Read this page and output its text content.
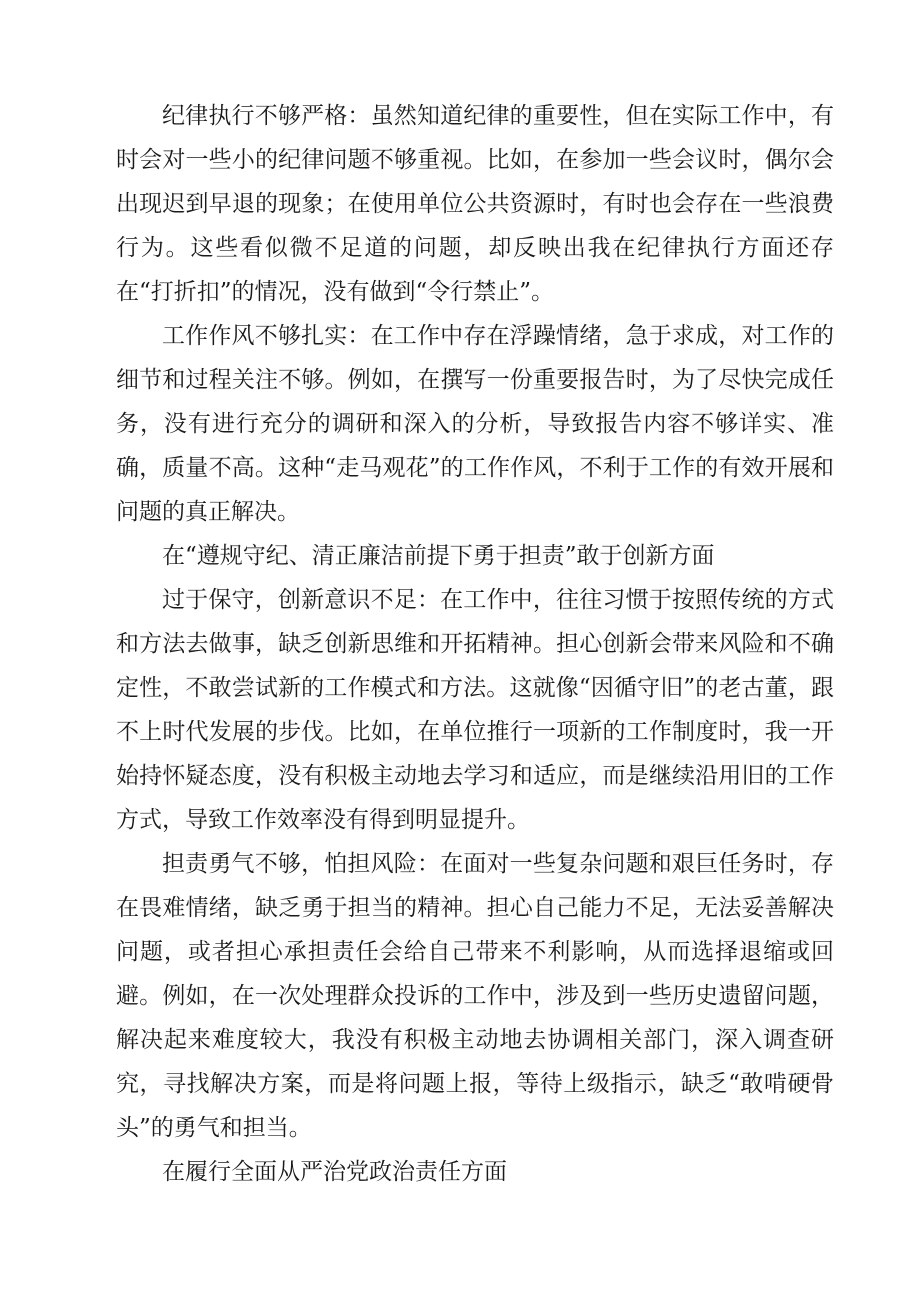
纪律执行不够严格：虽然知道纪律的重要性，但在实际工作中，有时会对一些小的纪律问题不够重视。比如，在参加一些会议时，偶尔会出现迟到早退的现象；在使用单位公共资源时，有时也会存在一些浪费行为。这些看似微不足道的问题，却反映出我在纪律执行方面还存在“打折扣”的情况，没有做到“令行禁止”。

工作作风不够扎实：在工作中存在浮躁情绪，急于求成，对工作的细节和过程关注不够。例如，在撰写一份重要报告时，为了尽快完成任务，没有进行充分的调研和深入的分析，导致报告内容不够详实、准确，质量不高。这种“走马观花”的工作作风，不利于工作的有效开展和问题的真正解决。

在“遵规守纪、清正廉洁前提下勇于担责”敢于创新方面

过于保守，创新意识不足：在工作中，往往习惯于按照传统的方式和方法去做事，缺乏创新思维和开拓精神。担心创新会带来风险和不确定性，不敢尝试新的工作模式和方法。这就像“因循守旧”的老古董，跟不上时代发展的步伐。比如，在单位推行一项新的工作制度时，我一开始持怀疑态度，没有积极主动地去学习和适应，而是继续沿用旧的工作方式，导致工作效率没有得到明显提升。

担责勇气不够，怕担风险：在面对一些复杂问题和艰巨任务时，存在畏难情绪，缺乏勇于担当的精神。担心自己能力不足，无法妥善解决问题，或者担心承担责任会给自己带来不利影响，从而选择退缩或回避。例如，在一次处理群众投诉的工作中，涉及到一些历史遗留问题，解决起来难度较大，我没有积极主动地去协调相关部门，深入调查研究，寻找解决方案，而是将问题上报，等待上级指示，缺乏“敢啃硬骨头”的勇气和担当。

在履行全面从严治党政治责任方面
